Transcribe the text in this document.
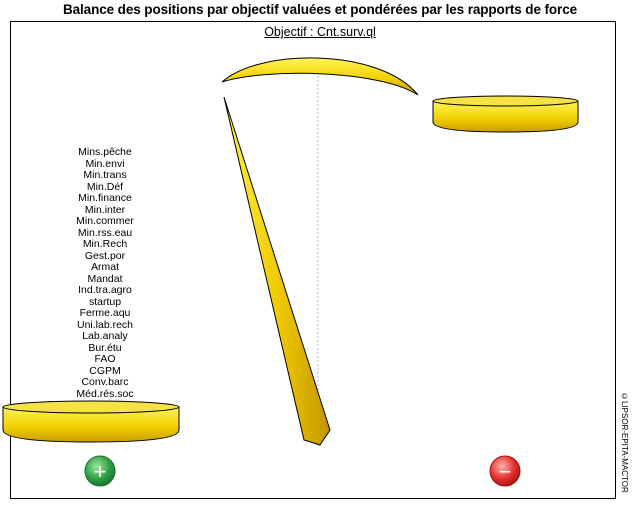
Balance des positions par objectif valuées et pondérées par les rapports de force
Objectif : Cnt.surv.ql
+	−
Mins.pêche
Min.envi
Min.trans
Min.Déf
Min.finance
Min.inter
Min.commer
Min.rss.eau
Min.Rech
Gest.por
Armat
Mandat
Ind.tra.agro
startup
Ferme.aqu
Uni.lab.rech
Lab.analy
Bur.étu
FAO
CGPM
Conv.barc
Méd.rés.soc	©LIPSOR-EPITA-MACTOR
